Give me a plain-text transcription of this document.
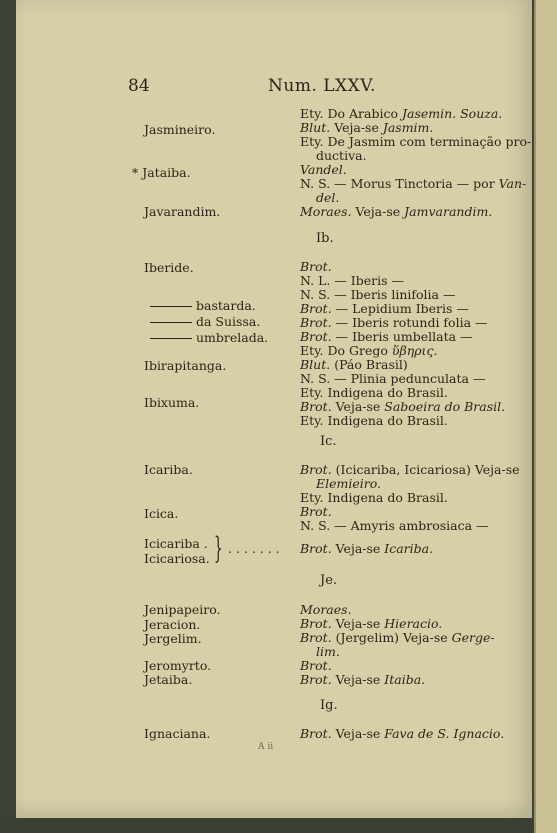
84	Num. LXXV.
Jasmineiro.
* Jataiba.
Javarandim.
Iberide.
bastarda.
da Suissa.
umbrelada.
Ibirapitanga.
Ibixuma.
Icariba.
Icica.
Icicariba .
Icicariosa. } . . . . . . .
Jenipapeiro.
Jeracion.
Jergelim.
Jeromyrto.
Jetaiba.
Ignaciana.
Ib.
Ic.
Je.
Ig.
Ety. Do Arabico Jasemin. Souza.
Blut. Veja-se Jasmim.
Ety. De Jasmim com terminação pro-
ductiva.
Vandel.
N. S. — Morus Tinctoria — por Van-
del.
Moraes. Veja-se Jamvarandim.
Brot.
N. L. — Iberis —
N. S. — Iberis linifolia —
Brot. — Lepidium Iberis —
Brot. — Iberis rotundi folia —
Brot. — Iberis umbellata —
Ety. Do Grego ὕβηρις.
Blut. (Páo Brasil)
N. S. — Plinia pedunculata —
Ety. Indigena do Brasil.
Brot. Veja-se Saboeira do Brasil.
Ety. Indigena do Brasil.
Brot. (Icicariba, Icicariosa) Veja-se
Elemieiro.
Ety. Indigena do Brasil.
Brot.
N. S. — Amyris ambrosiaca —
Brot. Veja-se Icariba.
Moraes.
Brot. Veja-se Hieracio.
Brot. (Jergelim) Veja-se Gerge-
lim.
Brot.
Brot. Veja-se Itaiba.
Brot. Veja-se Fava de S. Ignacio.
A ii
